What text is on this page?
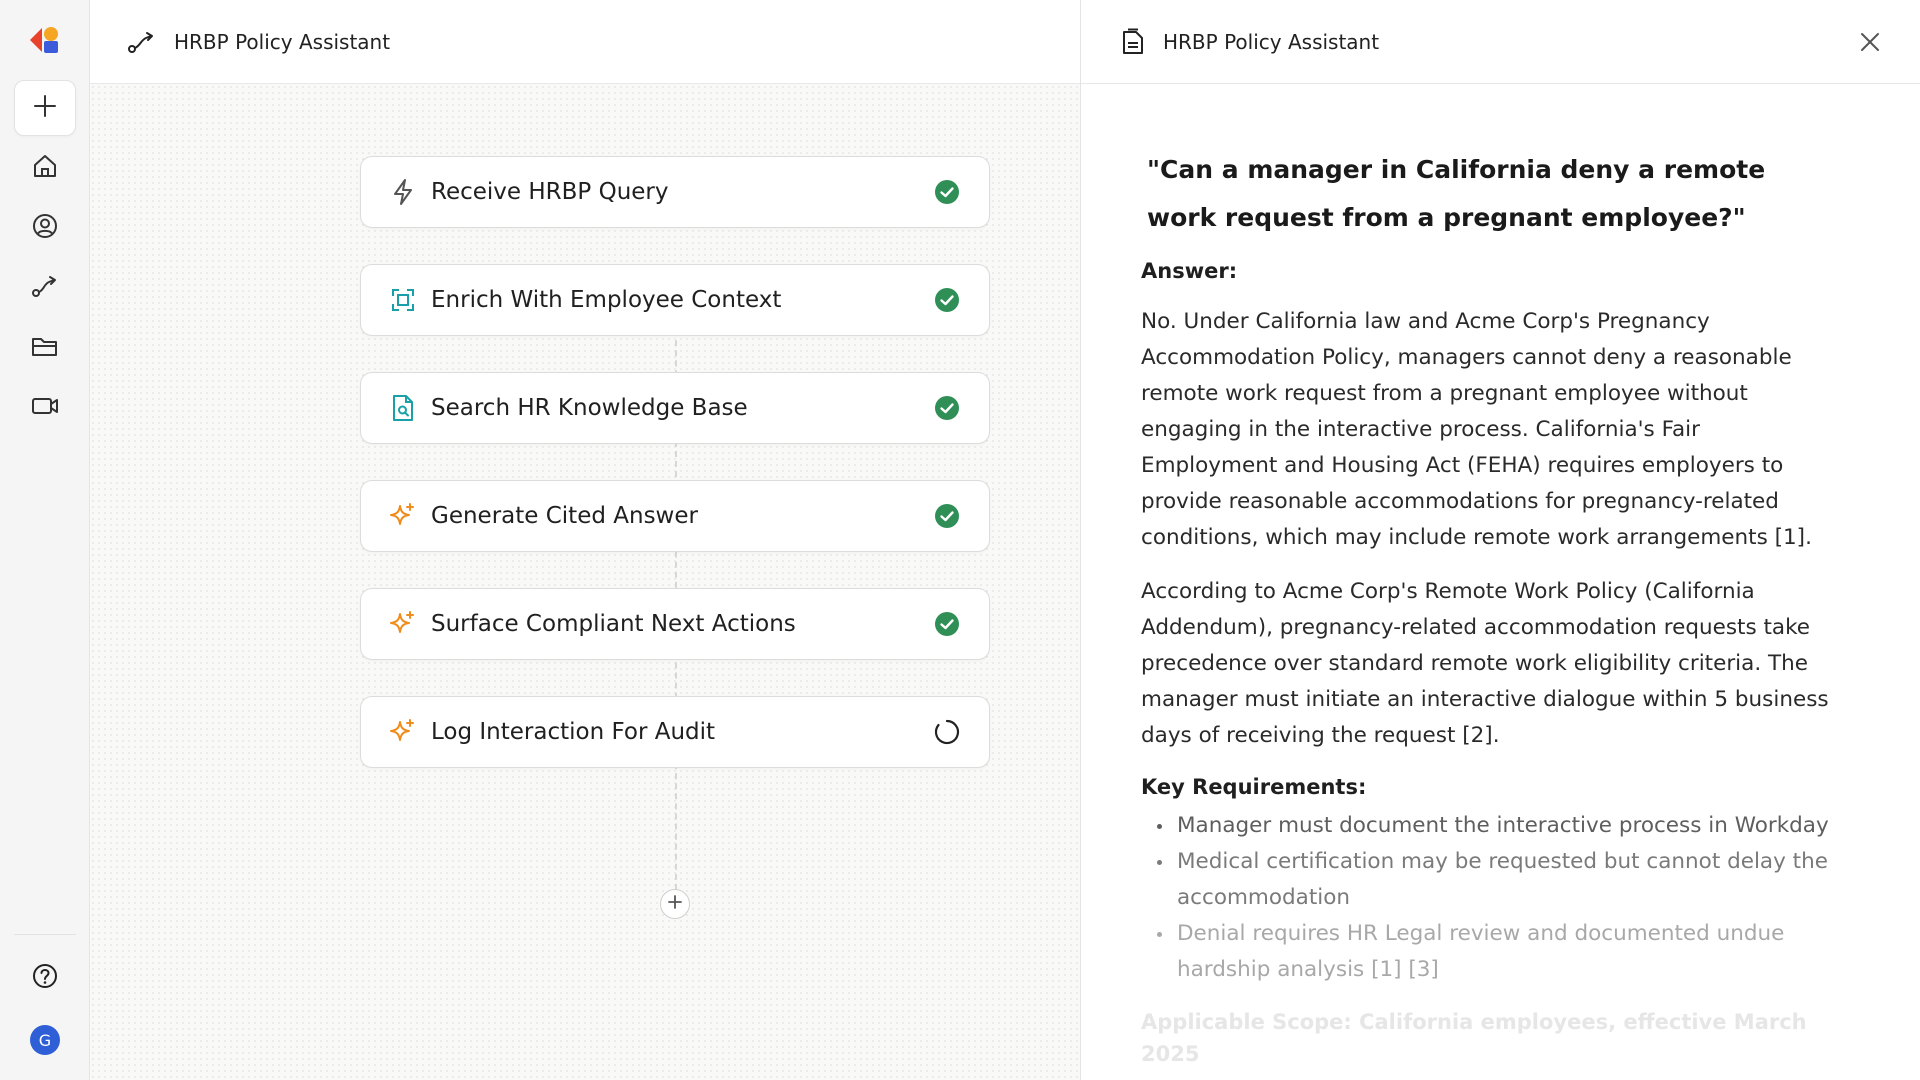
G
HRBP Policy Assistant
Receive HRBP Query
Enrich With Employee Context
Search HR Knowledge Base
Generate Cited Answer
Surface Compliant Next Actions
Log Interaction For Audit
HRBP Policy Assistant
"Can a manager in California deny a remote work request from a pregnant employee?"
Answer:

No. Under California law and Acme Corp's Pregnancy Accommodation Policy, managers cannot deny a reasonable remote work request from a pregnant employee without engaging in the interactive process. California's Fair Employment and Housing Act (FEHA) requires employers to provide reasonable accommodations for pregnancy-related conditions, which may include remote work arrangements [1].

According to Acme Corp's Remote Work Policy (California Addendum), pregnancy-related accommodation requests take precedence over standard remote work eligibility criteria. The manager must initiate an interactive dialogue within 5 business days of receiving the request [2].

Key Requirements:
Manager must document the interactive process in Workday
Medical certification may be requested but cannot delay the accommodation
Denial requires HR Legal review and documented undue hardship analysis [1] [3]
Applicable Scope: California employees, effective March 2025
